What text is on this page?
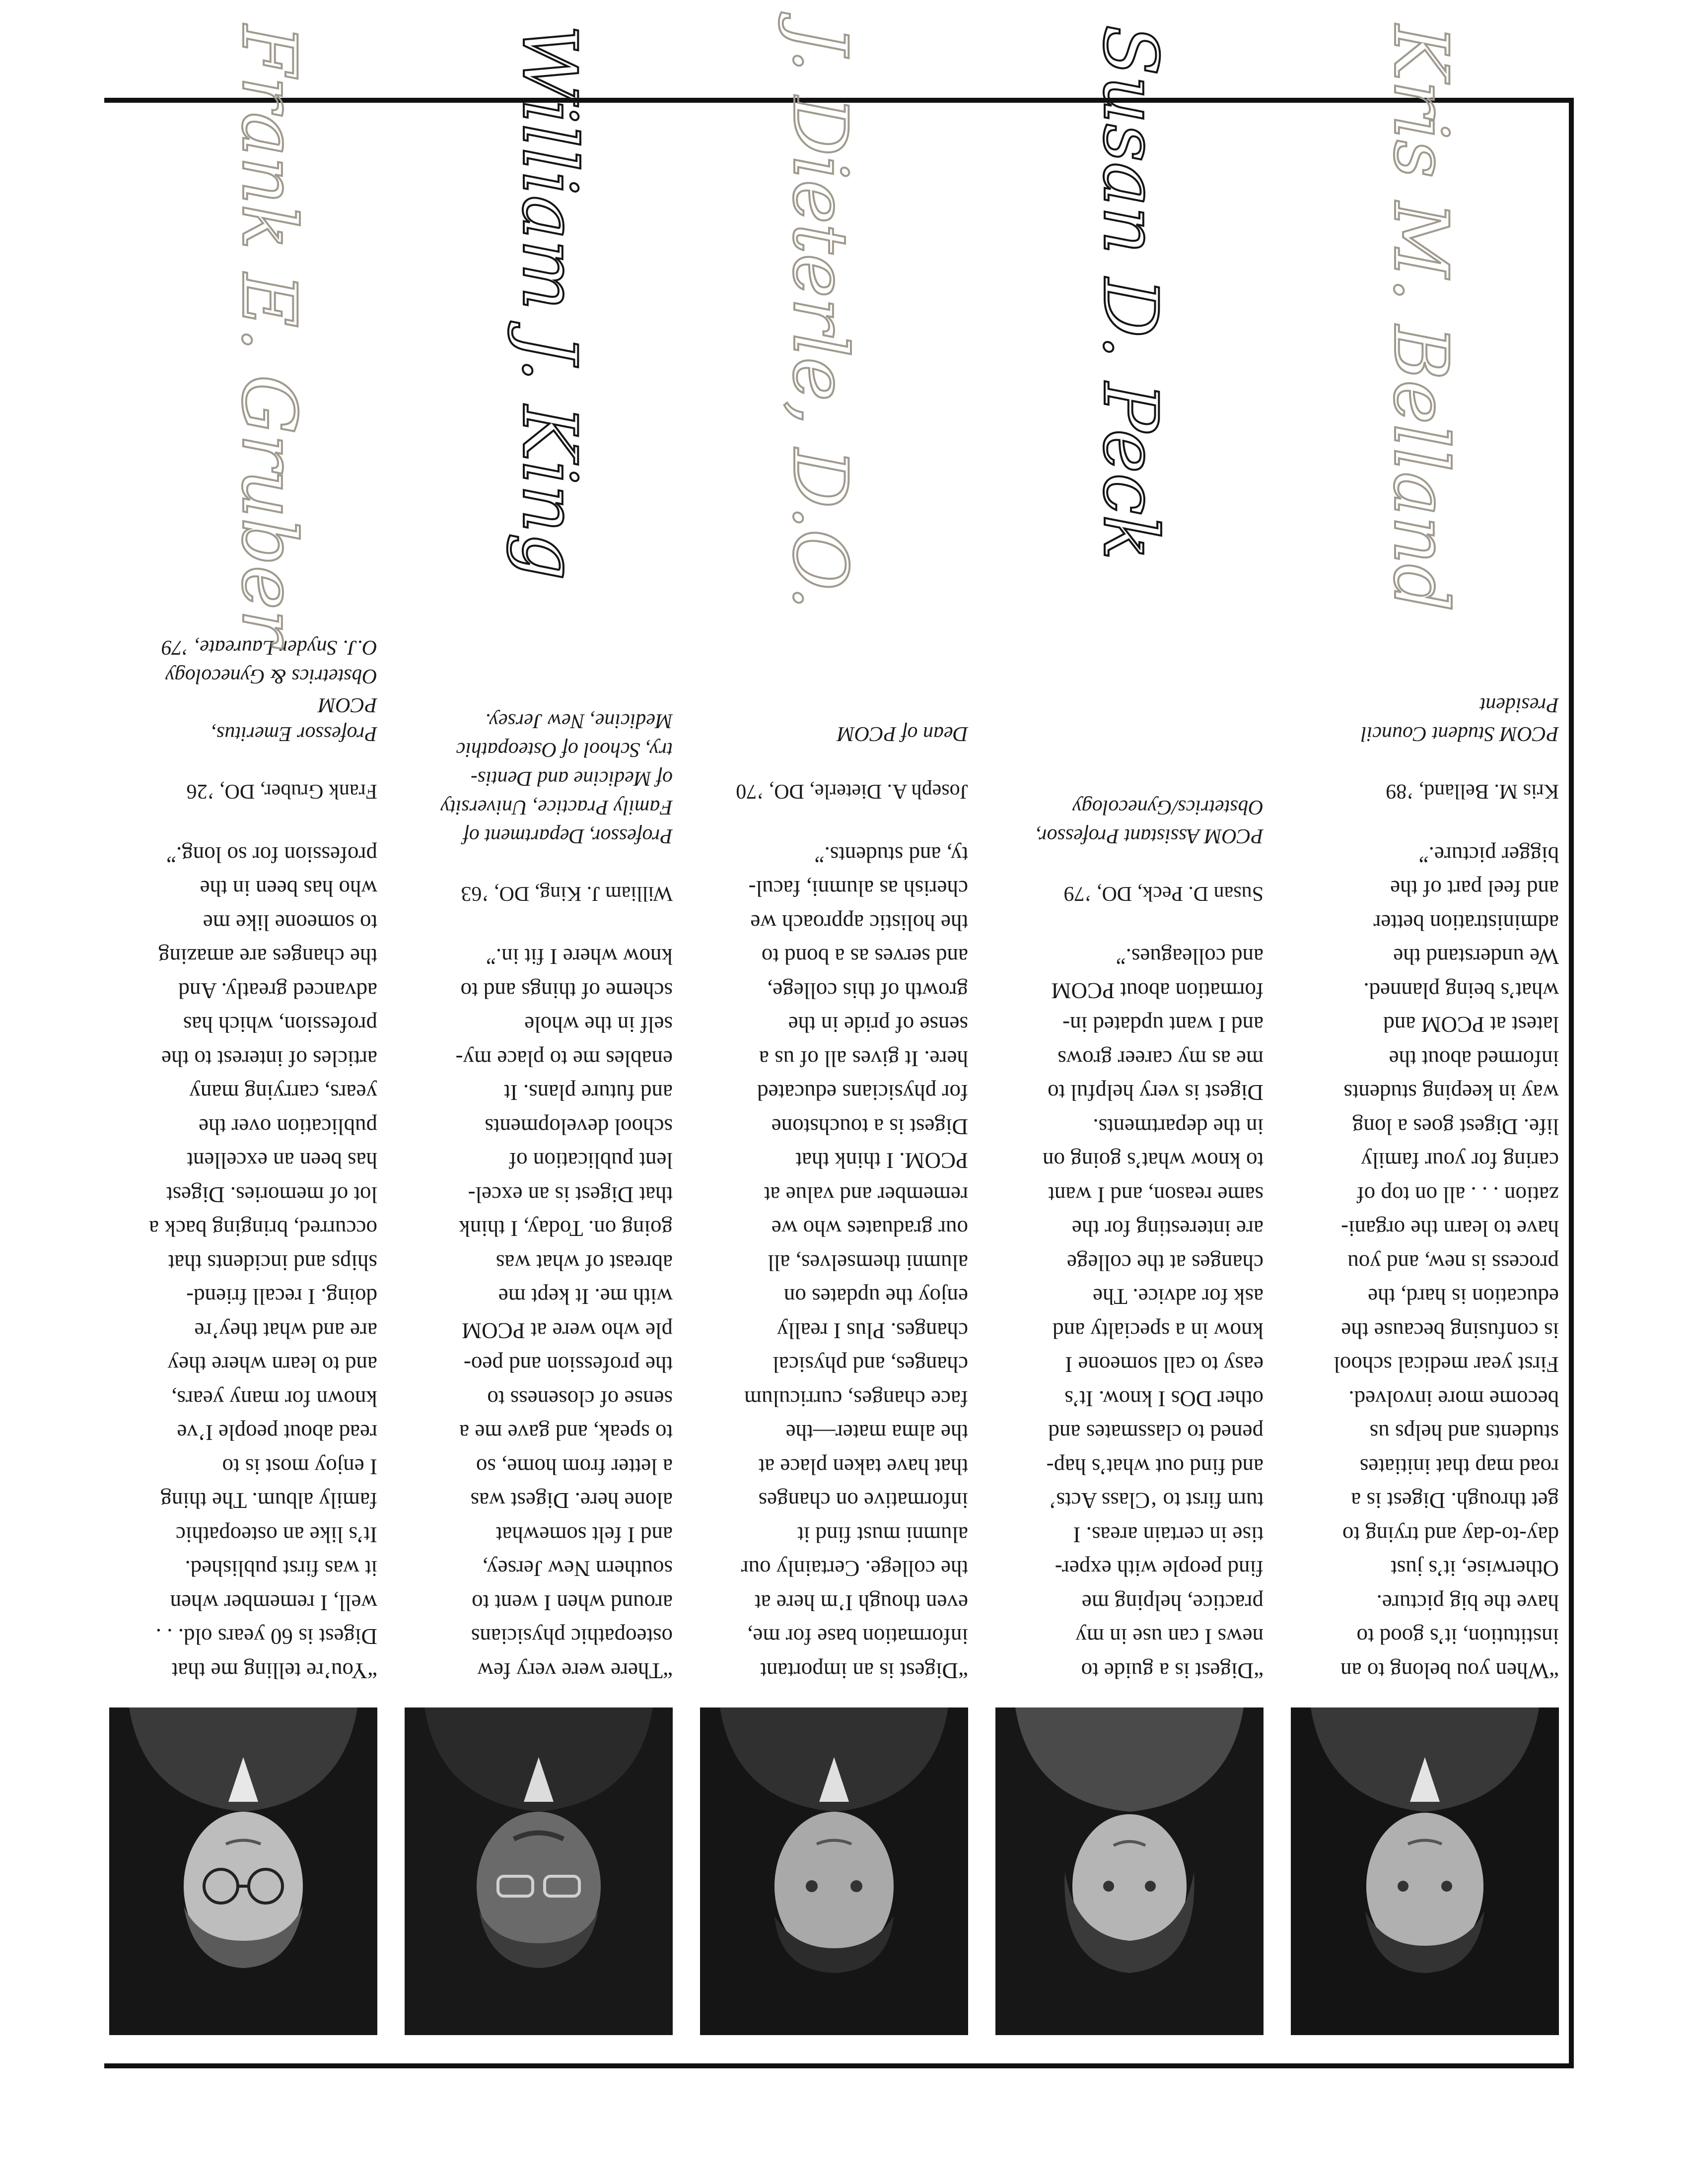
“You’re telling me that
Digest is 60 years old. . .
well, I remember when
it was first published.
It’s like an osteopathic
family album. The thing
I enjoy most is to
read about people I’ve
known for many years,
and to learn where they
are and what they’re
doing. I recall friend-
ships and incidents that
occurred, bringing back a
lot of memories. Digest
has been an excellent
publication over the
years, carrying many
articles of interest to the
profession, which has
advanced greatly. And
the changes are amazing
to someone like me
who has been in the
profession for so long.”

Frank Gruber, DO, ’26

Professor Emeritus,
PCOM
Obstetrics & Gynecology
O.J. Snyder Laureate, ’79

Frank E. Gruber

“There were very few
osteopathic physicians
around when I went to
southern New Jersey,
and I felt somewhat
alone here. Digest was
a letter from home, so
to speak, and gave me a
sense of closeness to
the profession and peo-
ple who were at PCOM
with me. It kept me
abreast of what was
going on. Today, I think
that Digest is an excel-
lent publication of
school developments
and future plans. It
enables me to place my-
self in the whole
scheme of things and to
know where I fit in.”

William J. King, DO, ’63

Professor, Department of
Family Practice, University
of Medicine and Dentis-
try, School of Osteopathic
Medicine, New Jersey.

William J. King

“Digest is an important
information base for me,
even though I’m here at
the college. Certainly our
alumni must find it
informative on changes
that have taken place at
the alma mater—the
face changes, curriculum
changes, and physical
changes. Plus I really
enjoy the updates on
alumni themselves, all
our graduates who we
remember and value at
PCOM. I think that
Digest is a touchstone
for physicians educated
here. It gives all of us a
sense of pride in the
growth of this college,
and serves as a bond to
the holistic approach we
cherish as alumni, facul-
ty, and students.”

Joseph A. Dieterle, DO, ’70

Dean of PCOM

J. Dieterle, D.O.

“Digest is a guide to
news I can use in my
practice, helping me
find people with exper-
tise in certain areas. I
turn first to ‘Class Acts’
and find out what’s hap-
pened to classmates and
other DOs I know. It’s
easy to call someone I
know in a specialty and
ask for advice. The
changes at the college
are interesting for the
same reason, and I want
to know what’s going on
in the departments.
Digest is very helpful to
me as my career grows
and I want updated in-
formation about PCOM
and colleagues.”

Susan D. Peck, DO, ’79

PCOM Assistant Professor,
Obstetrics/Gynecology

Susan D. Peck

“When you belong to an
institution, it’s good to
have the big picture.
Otherwise, it’s just
day-to-day and trying to
get through. Digest is a
road map that initiates
students and helps us
become more involved.
First year medical school
is confusing because the
education is hard, the
process is new, and you
have to learn the organi-
zation . . . all on top of
caring for your family
life. Digest goes a long
way in keeping students
informed about the
latest at PCOM and
what’s being planned.
We understand the
administration better
and feel part of the
bigger picture.”

Kris M. Belland, ’89

PCOM Student Council
President

Kris M. Belland
